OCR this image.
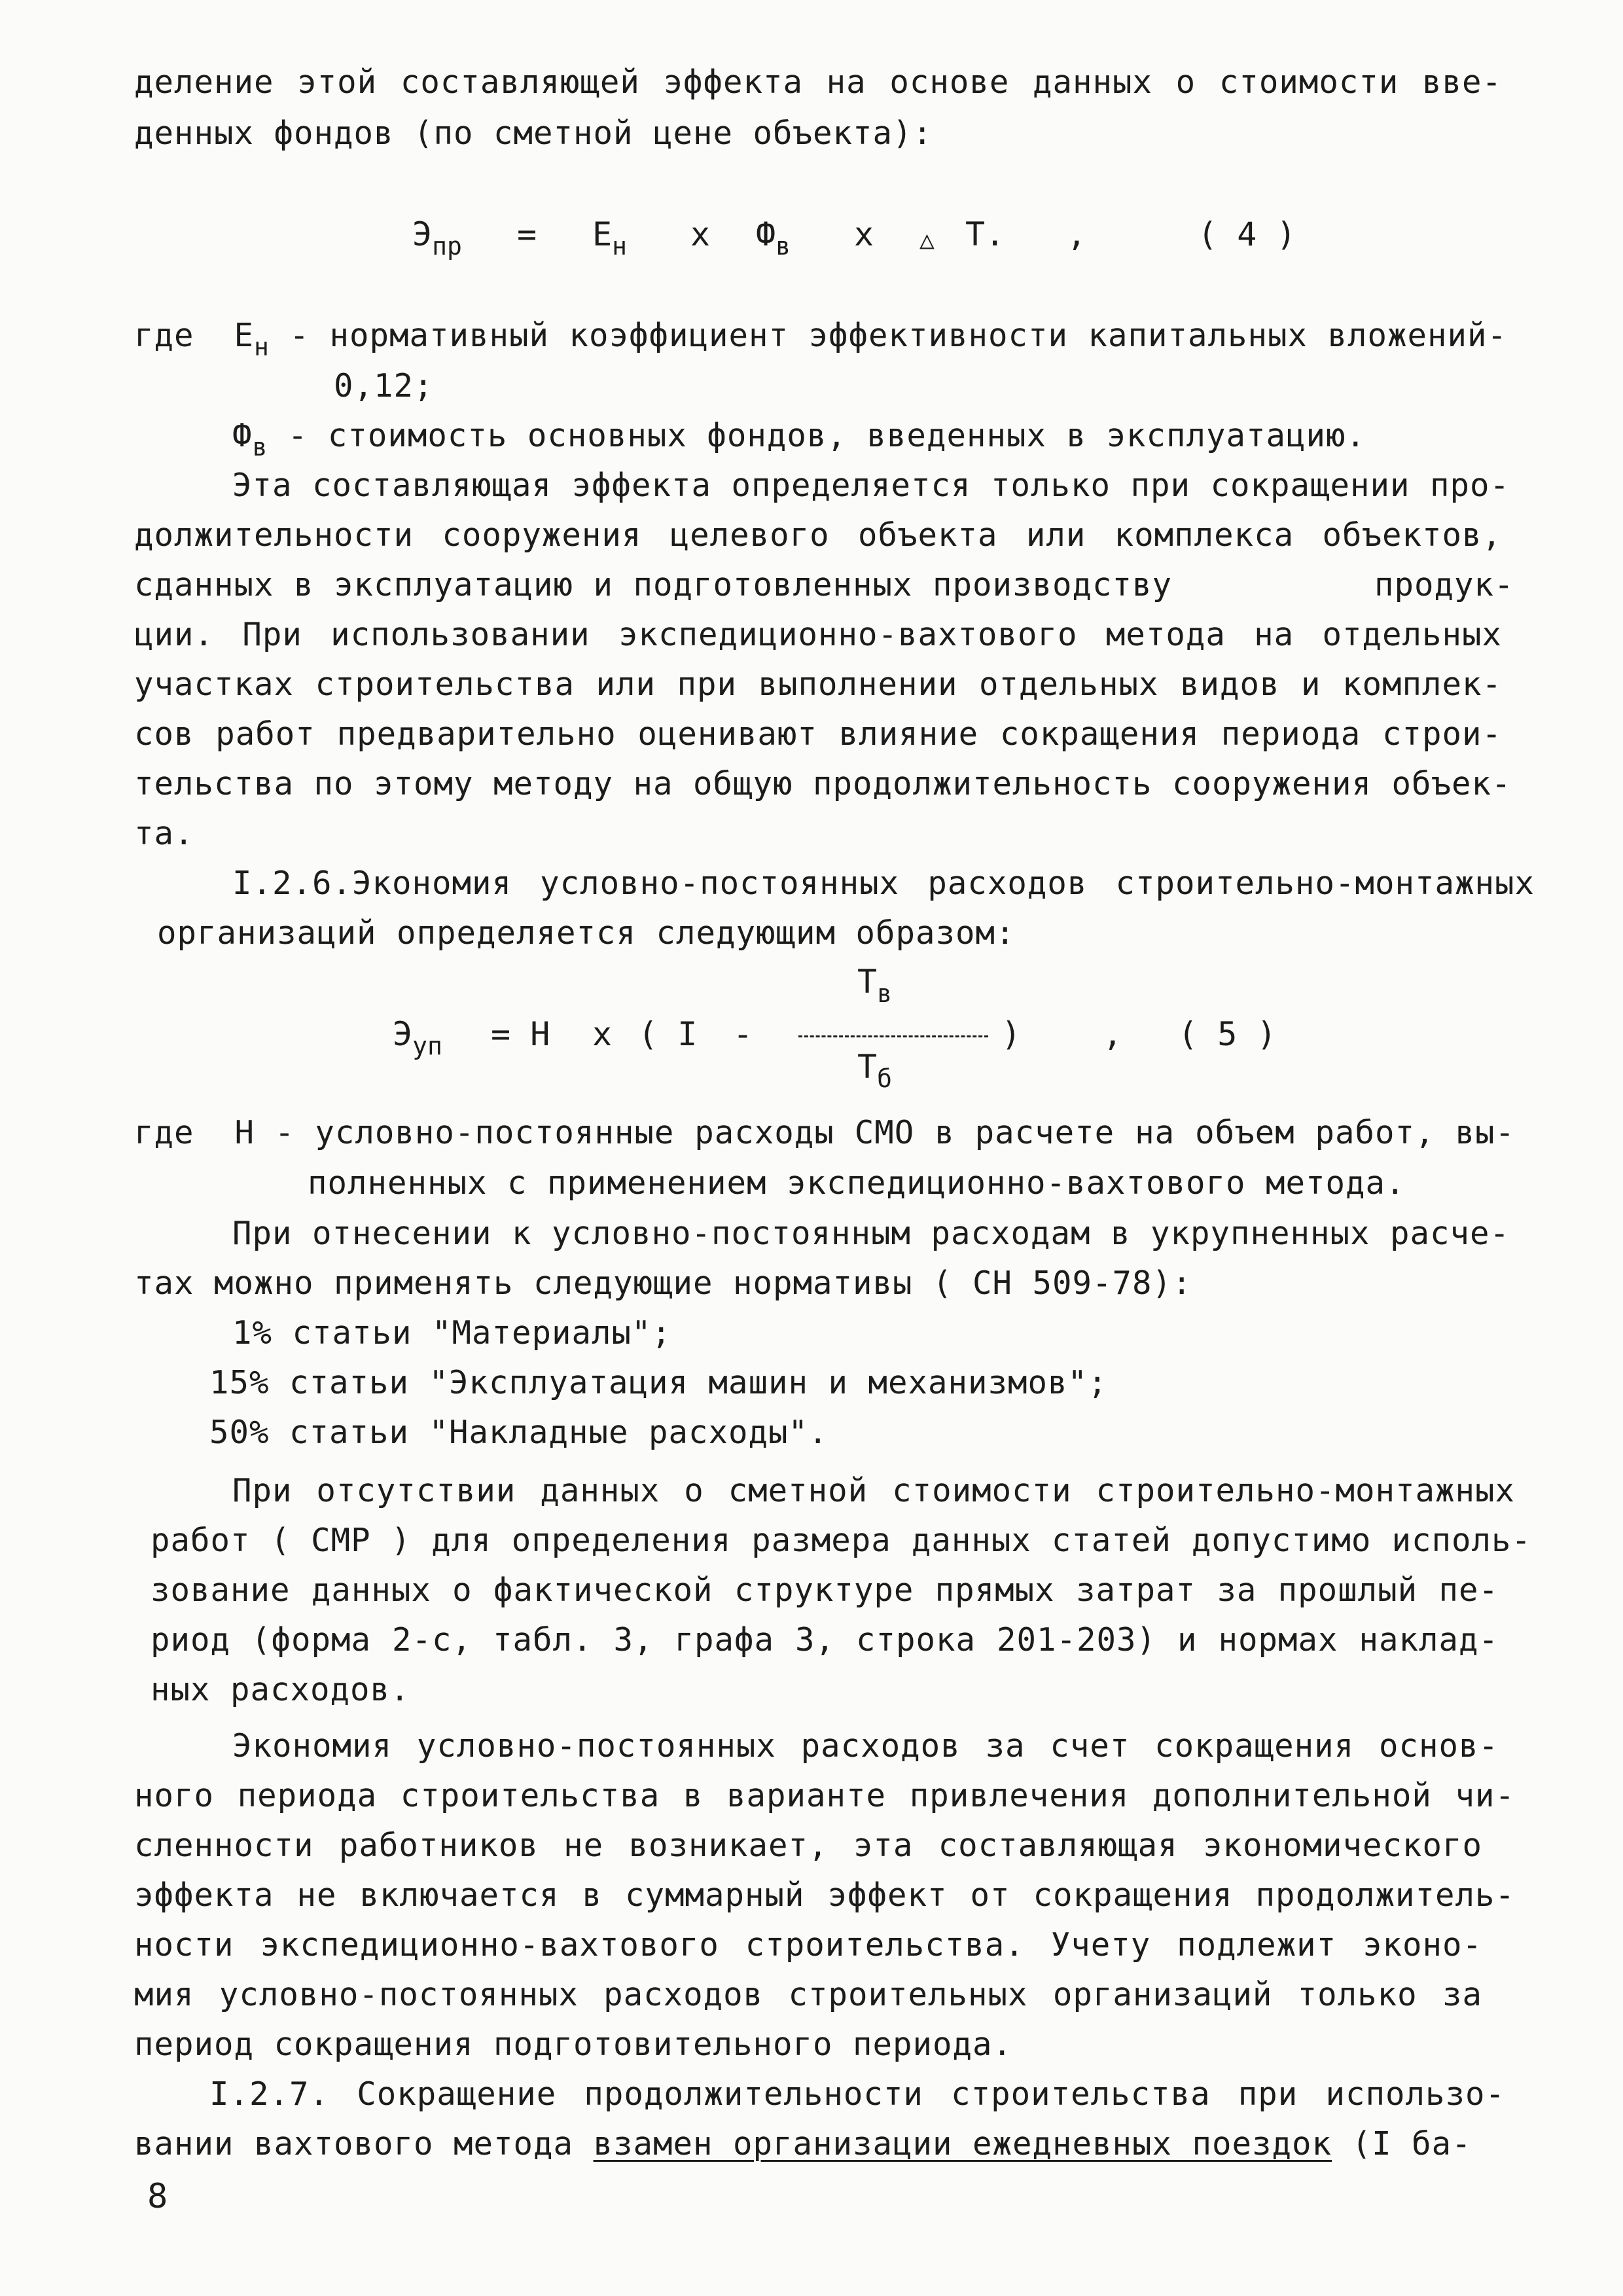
деление этой составляющей эффекта на основе данных о стоимости вве-

денных фондов (по сметной цене объекта):

$Э_{пр} = Е_н$ х $Ф_в$ х △ Т. ,	( 4 )

где $Е_н$ - нормативный коэффициент эффективности капитальных вложений-

0,12;

$Ф_в$ - стоимость основных фондов, введенных в эксплуатацию.

Эта составляющая эффекта определяется только при сокращении про-

должительности сооружения целевого объекта или комплекса объектов,

сданных в эксплуатацию и подготовленных производству	продук-

ции. При использовании экспедиционно-вахтового метода на отдельных

участках строительства или при выполнении отдельных видов и комплек-

сов работ предварительно оценивают влияние сокращения периода строи-

тельства по этому методу на общую продолжительность сооружения объек-

та.

I.2.6.Экономия условно-постоянных расходов строительно-монтажных

организаций определяется следующим образом:

$Э_{уп} = Н$ х ( I -
$Т_в$
$Т_б$
) , ( 5 )

где Н - условно-постоянные расходы СМО в расчете на объем работ, вы-

полненных с применением экспедиционно-вахтового метода.

При отнесении к условно-постоянным расходам в укрупненных расче-

тах можно применять следующие нормативы ( СН 509-78):

1% статьи "Материалы";

15% статьи "Эксплуатация машин и механизмов";

50% статьи "Накладные расходы".

При отсутствии данных о сметной стоимости строительно-монтажных

работ ( СМР ) для определения размера данных статей допустимо исполь-

зование данных о фактической структуре прямых затрат за прошлый пе-

риод (форма 2-с, табл. 3, графа 3, строка 201-203) и нормах наклад-

ных расходов.

Экономия условно-постоянных расходов за счет сокращения основ-

ного периода строительства в варианте привлечения дополнительной чи-

сленности работников не возникает, эта составляющая экономического

эффекта не включается в суммарный эффект от сокращения продолжитель-

ности экспедиционно-вахтового строительства. Учету подлежит эконо-

мия условно-постоянных расходов строительных организаций только за

период сокращения подготовительного периода.

I.2.7. Сокращение продолжительности строительства при использо-

вании вахтового метода взамен организации ежедневных поездок (I ба-

8
